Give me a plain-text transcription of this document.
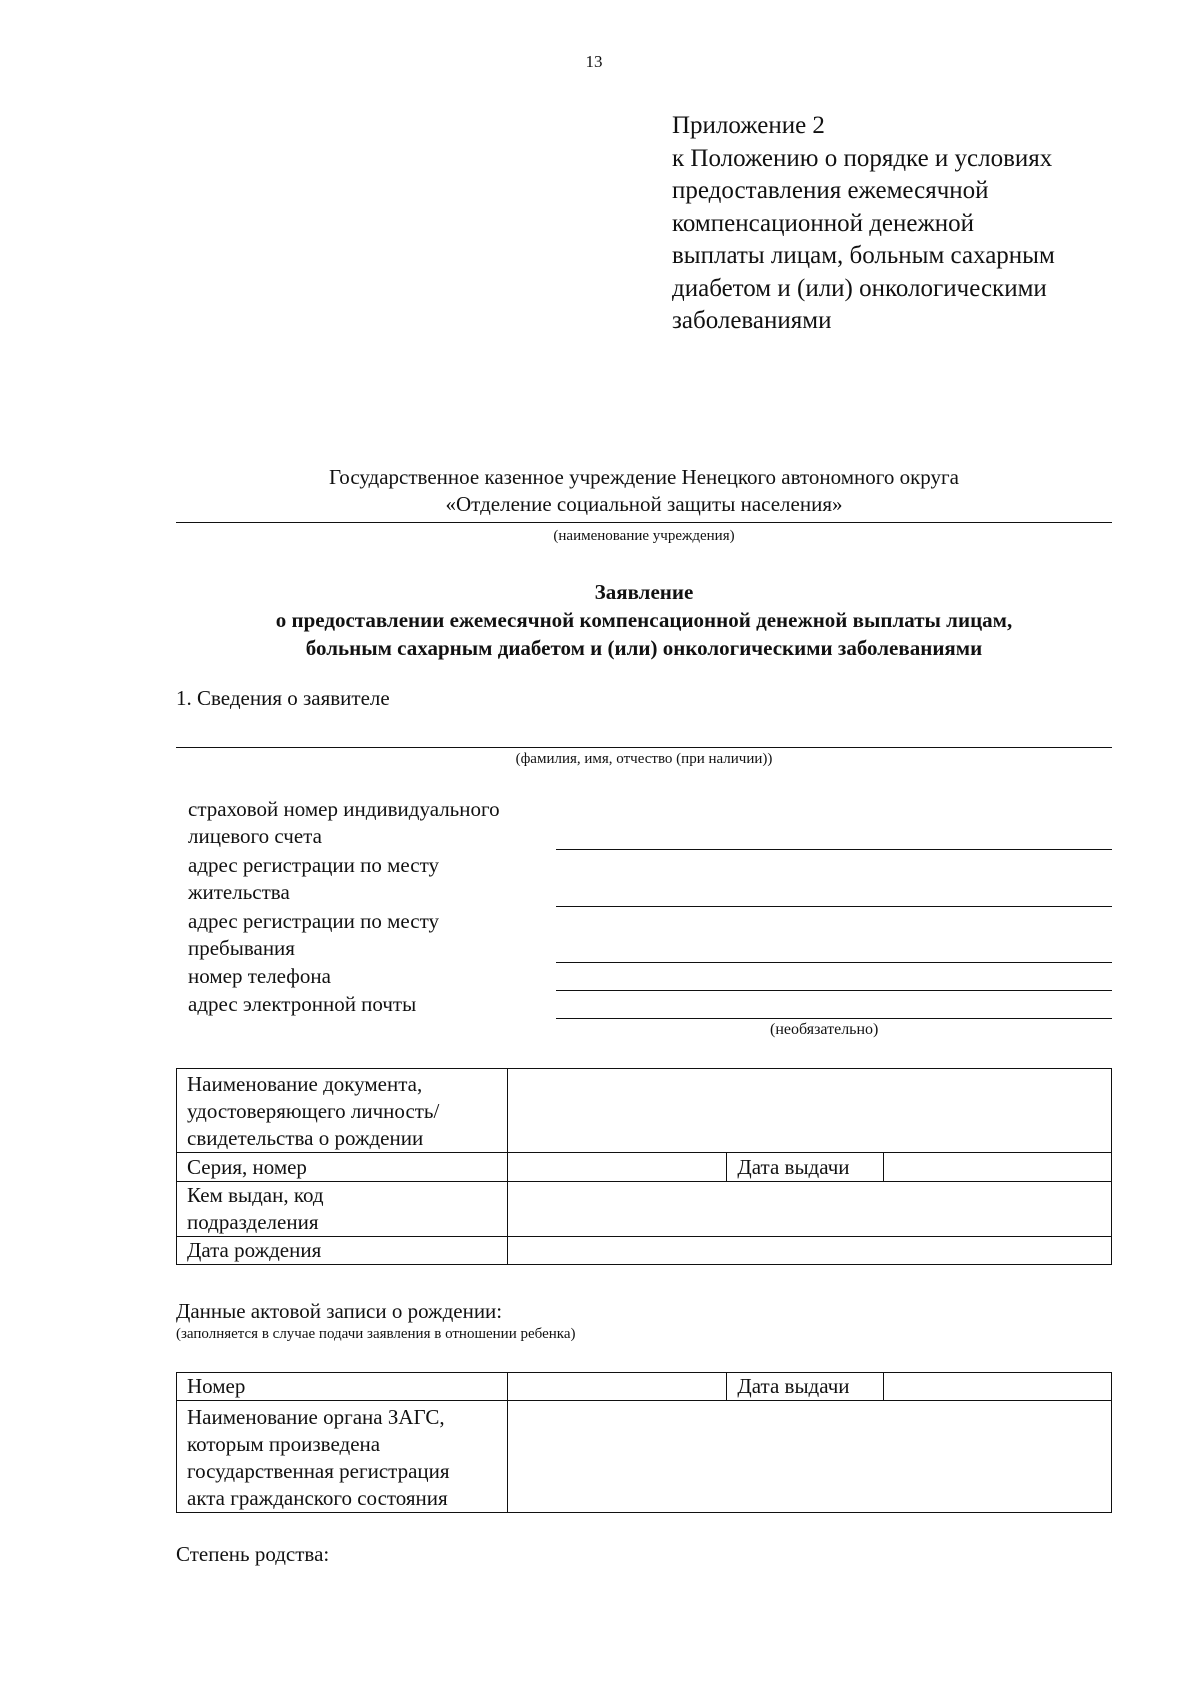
13
Приложение 2
к Положению о порядке и условиях
предоставления ежемесячной
компенсационной денежной
выплаты лицам, больным сахарным
диабетом и (или) онкологическими
заболеваниями
Государственное казенное учреждение Ненецкого автономного округа
«Отделение социальной защиты населения»
(наименование учреждения)
Заявление
о предоставлении ежемесячной компенсационной денежной выплаты лицам,
больным сахарным диабетом и (или) онкологическими заболеваниями
1. Сведения о заявителе
(фамилия, имя, отчество (при наличии))
страховой номер индивидуального
лицевого счета
адрес регистрации по месту
жительства
адрес регистрации по месту
пребывания
номер телефона
адрес электронной почты
(необязательно)
Наименование документа,
удостоверяющего личность/
свидетельства о рождении			

Серия, номер		Дата выдачи	

Кем выдан, код
подразделения			

Дата рождения			
Данные актовой записи о рождении:
(заполняется в случае подачи заявления в отношении ребенка)
Номер		Дата выдачи	

Наименование органа ЗАГС,
которым произведена
государственная регистрация
акта гражданского состояния			

Степень родства:
